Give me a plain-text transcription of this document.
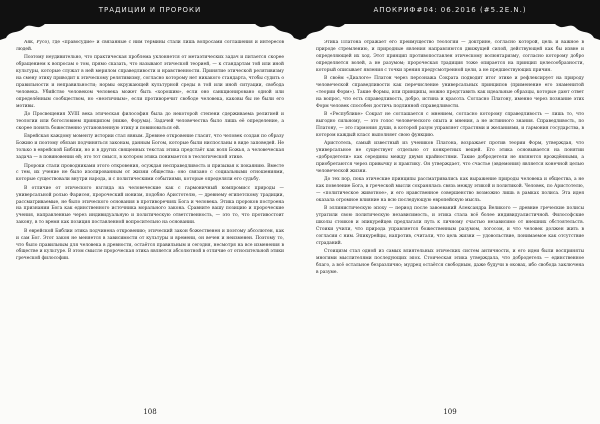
ТРАДИЦИИ И ПРОРОКИ

Аяк, Русо), где «правосудие» и связанные с ним термины стали лишь вопросами соглашения и интересов людей.

Поэтому неудивительно, что практическая проблема уклоняется от метаэтических задач и питается скорее обращением к вопросам о том, прямо сказать, что называют этической теорией, — к стандартам той или иной культуры, которые служат в ней мерилом справедливости и нравственности. Принятие этической релятивизму на смену этику приводит к этическому релятивизму, согласно которому нет никакого стандарта, чтобы судить о правильности и неправильности; нормы окружающей культурной среды в той или иной ситуации, свобода человека. Убийство человеком человека может быть «хорошим», если оно санкционировано одной или определённым сообществом, но «неэтичным», если противоречит свободе человека, каковы бы не были его мотивы.

До Просвещения XVIII века этическая философия была до некоторой степени сдерживаема религией и теологии или богословием принципом (ниже, Форума). Задачей человечества было лишь её определение, а скорее понять божественно установленную этику и повиноваться ей.

Еврейская каждому моменту истории стал явным. Древнее откровение гласит, что человек создан по образу Божию и поэтому обязан подчиняться законам, данным Богом, которые были ниспосланы в виде заповедей. Не только в еврейской Библии, но и в других священных текстах этика предстаёт как воля Божья, а человеческая задача — в повиновении ей; это тот смысл, в котором этика понимается в теологической этике.

Пророки стали проводниками этого откровения, осуждая несправедливость и призывая к покаянию. Вместе с тем, их учение не было изолированным от жизни общества: оно связано с социальными отношениями, которые существовали внутри народа, и с политическими событиями, которые определяли его судьбу.

В отличие от этического взгляда на человеческие как с гармоничный компромисс природы — универсальной ролью Фарисея, пророческий ионизм, подобно Аристотелю, — древнему египетскому традиции, рассматриваемые, не было этического основания в противоречиях Бога и человека. Этика пророков построена на признании Бога как единственного источника морального закона. Сравните вашу позицию и пророческие учения, направленные через индивидуальную и политическую ответственность, — это то, что противостоит закону, в то время как позиция поставленной вопросительно на основании.

В еврейской Библии этика подчинена откровению; этический закон божественен и поэтому абсолютен, как и сам Бог. Этот закон не меняется в зависимости от культуры и времени, он вечен и неизменен. Поэтому то, что было правильным для человека в древности, остаётся правильным и сегодня, несмотря на все изменения в обществе и культуре. В этом смысле пророческая этика является абсолютной в отличие от относительной этики греческой философии.

108
АПОКРИФ#04: 06.2016 (#5.2E.N.)

Этика Платона отражает его преимущество теологии — доктрине, согласно которой, цель и важное в природе стремлению, и природные явления направляются движущей силой, действующей как бы извне и определяющей их ход. Этот принцип противопоставлен этическому волюнтаризму, согласно которому добро определяется волей, а не разумом; пророческая традиция тоже опирается на принцип целесообразности, который описывает явления с точки зрения предусмотренной цели, а не предшествующих причин.

В своём «Диалоге» Платон через персонажа Сократа подводит итог этике и рефлексирует на природу человеческой справедливости как перечисление универсальных принципов (применение его знаменитой «теории Форм»). Такие Формы, или принципы, можно представить как идеальные образцы, которые дают ответ на вопрос, что есть справедливость, добро, истина и красота. Согласно Платону, именно через познание этих Форм человек способен достичь подлинной справедливости.

В «Республике» Сократ не соглашается с мнением, согласно которому справедливость — лишь то, что выгодно сильному, — это голос человеческого опыта и мнения, а не истинного знания. Справедливость, по Платону, — это гармония души, в которой разум управляет страстями и желаниями, и гармония государства, в котором каждый класс выполняет свою функцию.

Аристотель, самый известный из учеников Платона, возражает против теории Форм, утверждая, что универсальное не существует отдельно от конкретных вещей. Его этика основывается на понятии «добродетели» как середины между двумя крайностями. Такие добродетели не являются врождёнными, а приобретаются через привычку и практику. Он утверждает, что счастье (эвдемония) является конечной целью человеческой жизни.

До тех пор, пока этические принципы рассматривались как выражение природы человека и общества, а не как повеление Бога, в греческой мысли сохранялась связь между этикой и политикой. Человек, по Аристотелю, — «политическое животное», и его нравственное совершенство возможно лишь в рамках полиса. Эта идея оказала огромное влияние на всю последующую европейскую мысль.

В эллинистическую эпоху — период после завоеваний Александра Великого — древние греческие полисы утратили свою политическую независимость, и этика стала всё более индивидуалистичной. Философские школы стоиков и эпикурейцев предлагали путь к личному счастью независимо от внешних обстоятельств. Стоики учили, что природа управляется божественным разумом, логосом, и что человек должен жить в согласии с ним. Эпикурейцы, напротив, считали, что цель жизни — удовольствие, понимаемое как отсутствие страданий.

Стоицизм стал одной из самых влиятельных этических систем античности, и его идеи были восприняты многими мыслителями последующих эпох. Стоическая этика утверждала, что добродетель — единственное благо, а всё остальное безразлично; мудрец остаётся свободным, даже будучи в оковах, ибо свобода заключена в разуме.

109
